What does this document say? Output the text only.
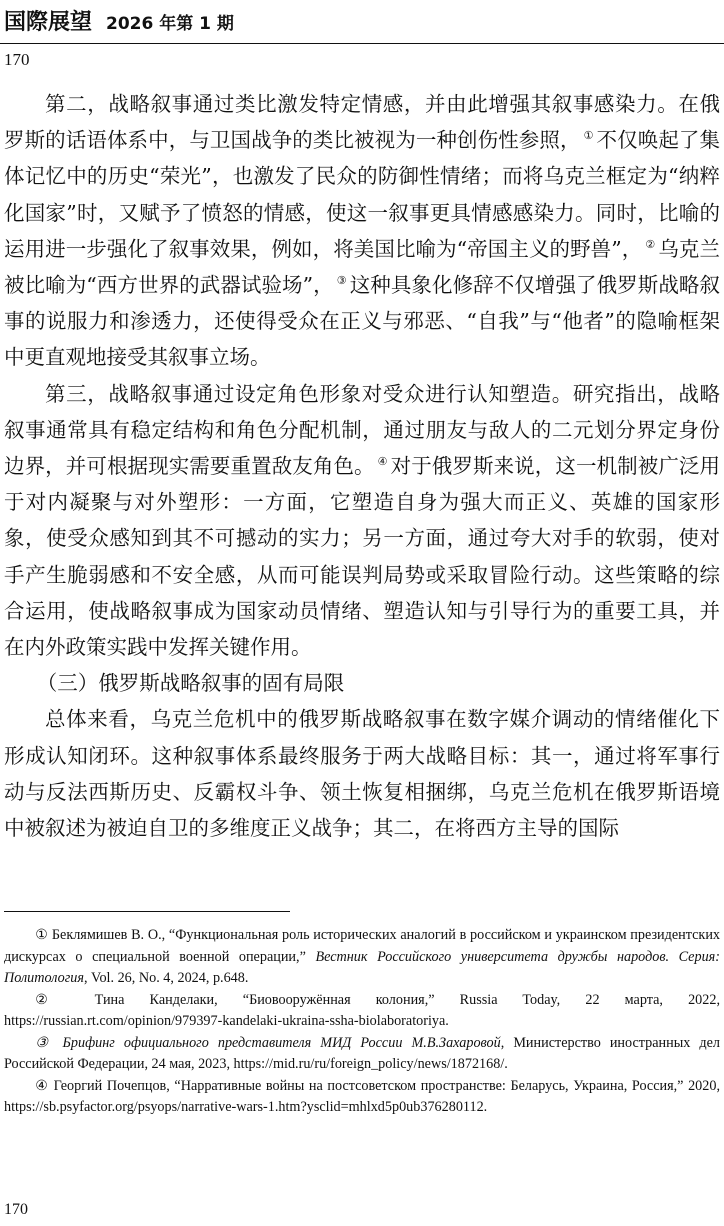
国際展望 2026 年第 1 期
170

第二，战略叙事通过类比激发特定情感，并由此增强其叙事感染力。在俄罗斯的话语体系中，与卫国战争的类比被视为一种创伤性参照， ① 不仅唤起了集体记忆中的历史“荣光”，也激发了民众的防御性情绪；而将乌克兰框定为“纳粹化国家”时，又赋予了愤怒的情感，使这一叙事更具情感感染力。同时，比喻的运用进一步强化了叙事效果，例如，将美国比喻为“帝国主义的野兽”， ② 乌克兰被比喻为“西方世界的武器试验场”， ③ 这种具象化修辞不仅增强了俄罗斯战略叙事的说服力和渗透力，还使得受众在正义与邪恶、“自我”与“他者”的隐喻框架中更直观地接受其叙事立场。

第三，战略叙事通过设定角色形象对受众进行认知塑造。研究指出，战略叙事通常具有稳定结构和角色分配机制，通过朋友与敌人的二元划分界定身份边界，并可根据现实需要重置敌友角色。 ④ 对于俄罗斯来说，这一机制被广泛用于对内凝聚与对外塑形：一方面，它塑造自身为强大而正义、英雄的国家形象，使受众感知到其不可撼动的实力；另一方面，通过夸大对手的软弱，使对手产生脆弱感和不安全感，从而可能误判局势或采取冒险行动。这些策略的综合运用，使战略叙事成为国家动员情绪、塑造认知与引导行为的重要工具，并在内外政策实践中发挥关键作用。

（三）俄罗斯战略叙事的固有局限

总体来看，乌克兰危机中的俄罗斯战略叙事在数字媒介调动的情绪催化下形成认知闭环。这种叙事体系最终服务于两大战略目标：其一，通过将军事行动与反法西斯历史、反霸权斗争、领土恢复相捆绑，乌克兰危机在俄罗斯语境中被叙述为被迫自卫的多维度正义战争；其二，在将西方主导的国际

① Беклямишев В. О., “Функциональная роль исторических аналогий в российском и украинском президентских дискурсах о специальной военной операции,” Вестник Российского университета дружбы народов. Серия: Политология, Vol. 26, No. 4, 2024, p.648.

② Тина Канделаки, “Биовооружённая колония,” Russia Today, 22 марта, 2022, https://russian.rt.com/opinion/979397-kandelaki-ukraina-ssha-biolaboratoriya.

③ Брифинг официального представителя МИД России М.В.Захаровой, Министерство иностранных дел Российской Федерации, 24 мая, 2023, https://mid.ru/ru/foreign_policy/news/1872168/.

④ Георгий Почепцов, “Нарративные войны на постсоветском пространстве: Беларусь, Украина, Россия,” 2020, https://sb.psyfactor.org/psyops/narrative-wars-1.htm?ysclid=mhlxd5p0ub376280112.

170
